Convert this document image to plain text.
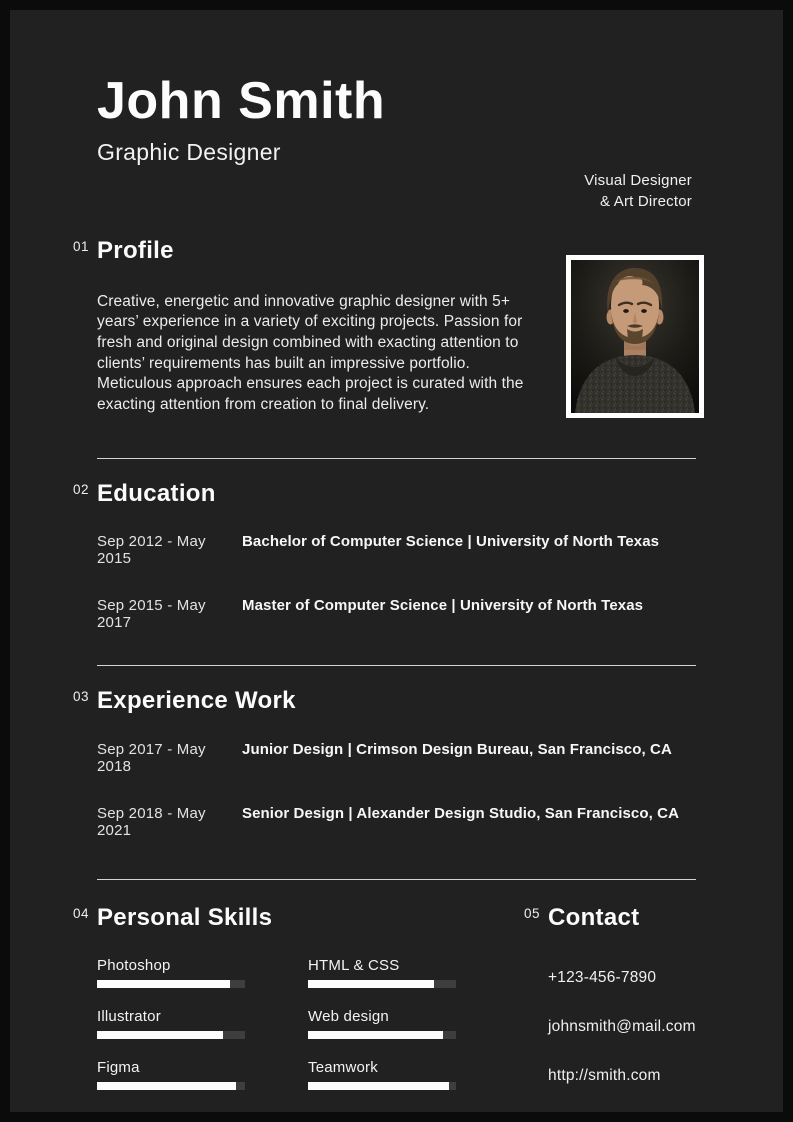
John Smith
Graphic Designer
Visual Designer
& Art Director
01 Profile

Creative, energetic and innovative graphic designer with 5+ years’ experience in a variety of exciting projects. Passion for fresh and original design combined with exacting attention to clients’ requirements has built an impressive portfolio. Meticulous approach ensures each project is curated with the exacting attention from creation to final delivery.

02 Education
Sep 2012 - May 2015
Bachelor of Computer Science | University of North Texas
Sep 2015 - May 2017
Master of Computer Science | University of North Texas
03 Experience Work
Sep 2017 - May 2018
Junior Design | Crimson Design Bureau, San Francisco, CA
Sep 2018 - May 2021
Senior Design | Alexander Design Studio, San Francisco, CA
04 Personal Skills
Photoshop	HTML & CSS
Illustrator	Web design
Figma	Teamwork
05 Contact
+123-456-7890
johnsmith@mail.com
http://smith.com
